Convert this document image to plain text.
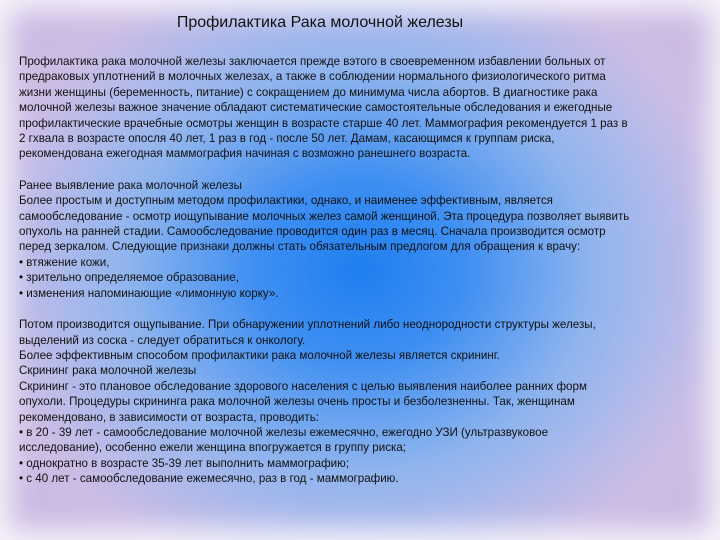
Профилактика Рака молочной железы

Профилактика рака молочной железы заключается прежде вэтого в своевременном избавлении больных от
предраковых уплотнений в молочных железах, а также в соблюдении нормального физиологического ритма
жизни женщины (беременность, питание) с сокращением до минимума числа абортов. В диагностике рака
молочной железы важное значение обладают систематические самостоятельные обследования и ежегодные
профилактические врачебные осмотры женщин в возрасте старше 40 лет. Маммография рекомендуется 1 раз в
2 гхвала в возрасте опосля 40 лет, 1 раз в год - после 50 лет. Дамам, касающимся к группам риска,
рекомендована ежегодная маммография начиная с возможно ранешнего возраста.

Ранее выявление рака молочной железы
Более простым и доступным методом профилактики, однако, и наименее эффективным, является
самообследование - осмотр иощупывание молочных желез самой женщиной. Эта процедура позволяет выявить
опухоль на ранней стадии. Самообследование проводится один раз в месяц. Сначала производится осмотр
перед зеркалом. Следующие признаки должны стать обязательным предлогом для обращения к врачу:
• втяжение кожи,
• зрительно определяемое образование,
• изменения напоминающие «лимонную корку».

Потом производится ощупывание. При обнаружении уплотнений либо неоднородности структуры железы,
выделений из соска - следует обратиться к онкологу.
Более эффективным способом профилактики рака молочной железы является скрининг.
Скрининг рака молочной железы
Скрининг - это плановое обследование здорового населения с целью выявления наиболее ранних форм
опухоли. Процедуры скрининга рака молочной железы очень просты и безболезненны. Так, женщинам
рекомендовано, в зависимости от возраста, проводить:
• в 20 - 39 лет - самообследование молочной железы ежемесячно, ежегодно УЗИ (ультразвуковое
исследование), особенно ежели женщина впогружается в группу риска;
• однократно в возрасте 35-39 лет выполнить маммографию;
• с 40 лет - самообследование ежемесячно, раз в год - маммографию.
